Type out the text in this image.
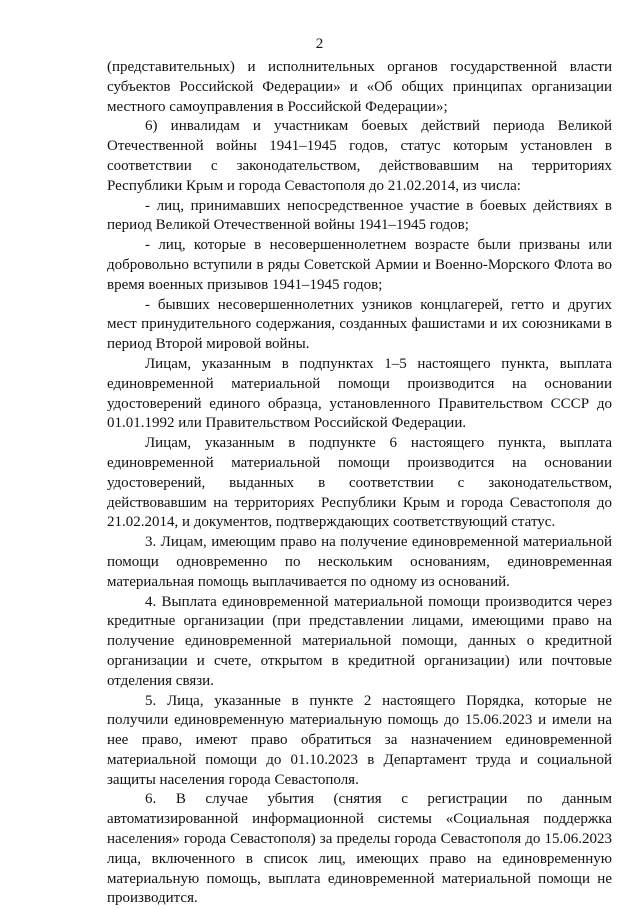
2

(представительных) и исполнительных органов государственной власти субъектов Российской Федерации» и «Об общих принципах организации местного самоуправления в Российской Федерации»;

6) инвалидам и участникам боевых действий периода Великой Отечественной войны 1941–1945 годов, статус которым установлен в соответствии с законодательством, действовавшим на территориях Республики Крым и города Севастополя до 21.02.2014, из числа:

- лиц, принимавших непосредственное участие в боевых действиях в период Великой Отечественной войны 1941–1945 годов;

- лиц, которые в несовершеннолетнем возрасте были призваны или добровольно вступили в ряды Советской Армии и Военно-Морского Флота во время военных призывов 1941–1945 годов;

- бывших несовершеннолетних узников концлагерей, гетто и других мест принудительного содержания, созданных фашистами и их союзниками в период Второй мировой войны.

Лицам, указанным в подпунктах 1–5 настоящего пункта, выплата единовременной материальной помощи производится на основании удостоверений единого образца, установленного Правительством СССР до 01.01.1992 или Правительством Российской Федерации.

Лицам, указанным в подпункте 6 настоящего пункта, выплата единовременной материальной помощи производится на основании удостоверений, выданных в соответствии с законодательством, действовавшим на территориях Республики Крым и города Севастополя до 21.02.2014, и документов, подтверждающих соответствующий статус.

3. Лицам, имеющим право на получение единовременной материальной помощи одновременно по нескольким основаниям, единовременная материальная помощь выплачивается по одному из оснований.

4. Выплата единовременной материальной помощи производится через кредитные организации (при представлении лицами, имеющими право на получение единовременной материальной помощи, данных о кредитной организации и счете, открытом в кредитной организации) или почтовые отделения связи.

5. Лица, указанные в пункте 2 настоящего Порядка, которые не получили единовременную материальную помощь до 15.06.2023 и имели на нее право, имеют право обратиться за назначением единовременной материальной помощи до 01.10.2023 в Департамент труда и социальной защиты населения города Севастополя.

6. В случае убытия (снятия с регистрации по данным автоматизированной информационной системы «Социальная поддержка населения» города Севастополя) за пределы города Севастополя до 15.06.2023 лица, включенного в список лиц, имеющих право на единовременную материальную помощь, выплата единовременной материальной помощи не производится.
